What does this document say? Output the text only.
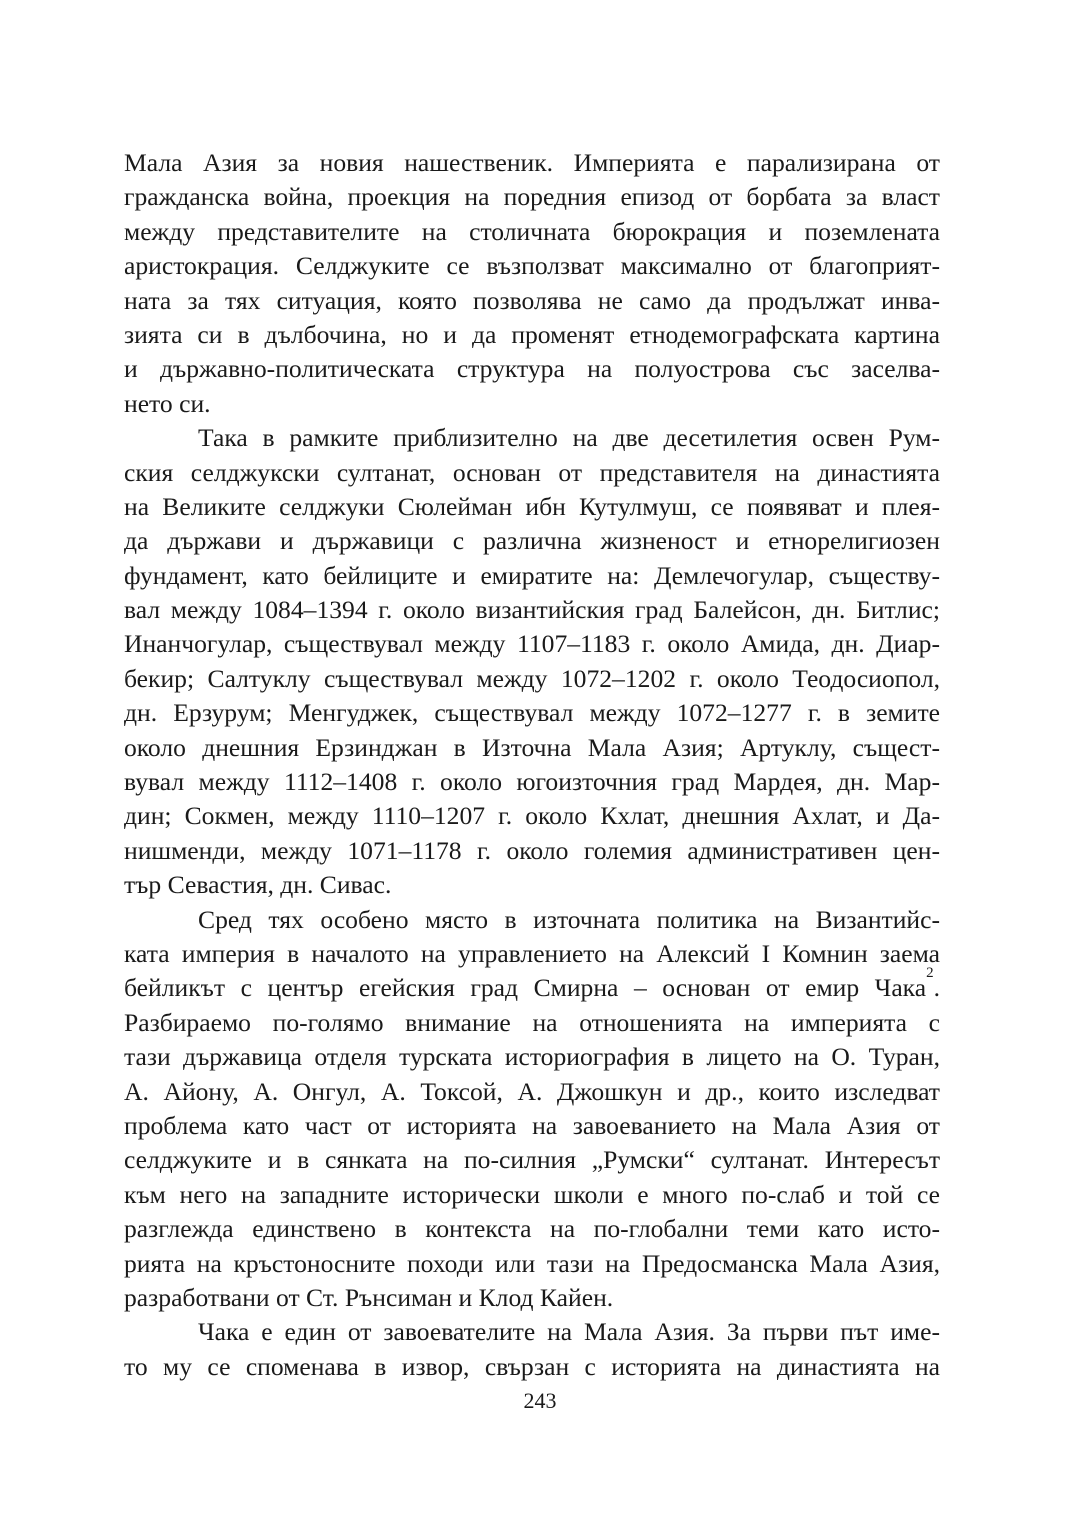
Мала Азия за новия нашественик. Империята е парализирана от
гражданска война, проекция на поредния епизод от борбата за власт
между представителите на столичната бюрокрация и поземлената
аристокрация. Селджуките се възползват максимално от благоприят-
ната за тях ситуация, която позволява не само да продължат инва-
зията си в дълбочина, но и да променят етнодемографската картина
и държавно-политическата структура на полуострова със заселва-
нето си.
Така в рамките приблизително на две десетилетия освен Рум-
ския селджукски султанат, основан от представителя на династията
на Великите селджуки Сюлейман ибн Кутулмуш, се появяват и плея-
да държави и държавици с различна жизненост и етнорелигиозен
фундамент, като бейлиците и емиратите на: Демлечогулар, съществу-
вал между 1084–1394 г. около византийския град Балейсон, дн. Битлис;
Инанчогулар, съществувал между 1107–1183 г. около Амида, дн. Диар-
бекир; Салтуклу съществувал между 1072–1202 г. около Теодосиопол,
дн. Ерзурум; Менгуджек, съществувал между 1072–1277 г. в земите
около днешния Ерзинджан в Източна Мала Азия; Артуклу, същест-
вувал между 1112–1408 г. около югоизточния град Мардея, дн. Мар-
дин; Сокмен, между 1110–1207 г. около Кхлат, днешния Ахлат, и Да-
нишменди, между 1071–1178 г. около големия административен цен-
тър Севастия, дн. Сивас.
Сред тях особено място в източната политика на Византийс-
ката империя в началото на управлението на Алексий I Комнин заема
бейликът с център егейския град Смирна – основан от емир Чака$^2$.
Разбираемо по-голямо внимание на отношенията на империята с
тази държавица отделя турската историография в лицето на О. Туран,
А. Айону, А. Онгул, А. Токсой, А. Джошкун и др., които изследват
проблема като част от историята на завоеванието на Мала Азия от
селджуките и в сянката на по-силния „Румски“ султанат. Интересът
към него на западните исторически школи е много по-слаб и той се
разглежда единствено в контекста на по-глобални теми като исто-
рията на кръстоносните походи или тази на Предосманска Мала Азия,
разработвани от Ст. Рънсиман и Клод Кайен.
Чака е един от завоевателите на Мала Азия. За първи път име-
то му се споменава в извор, свързан с историята на династията на
243
